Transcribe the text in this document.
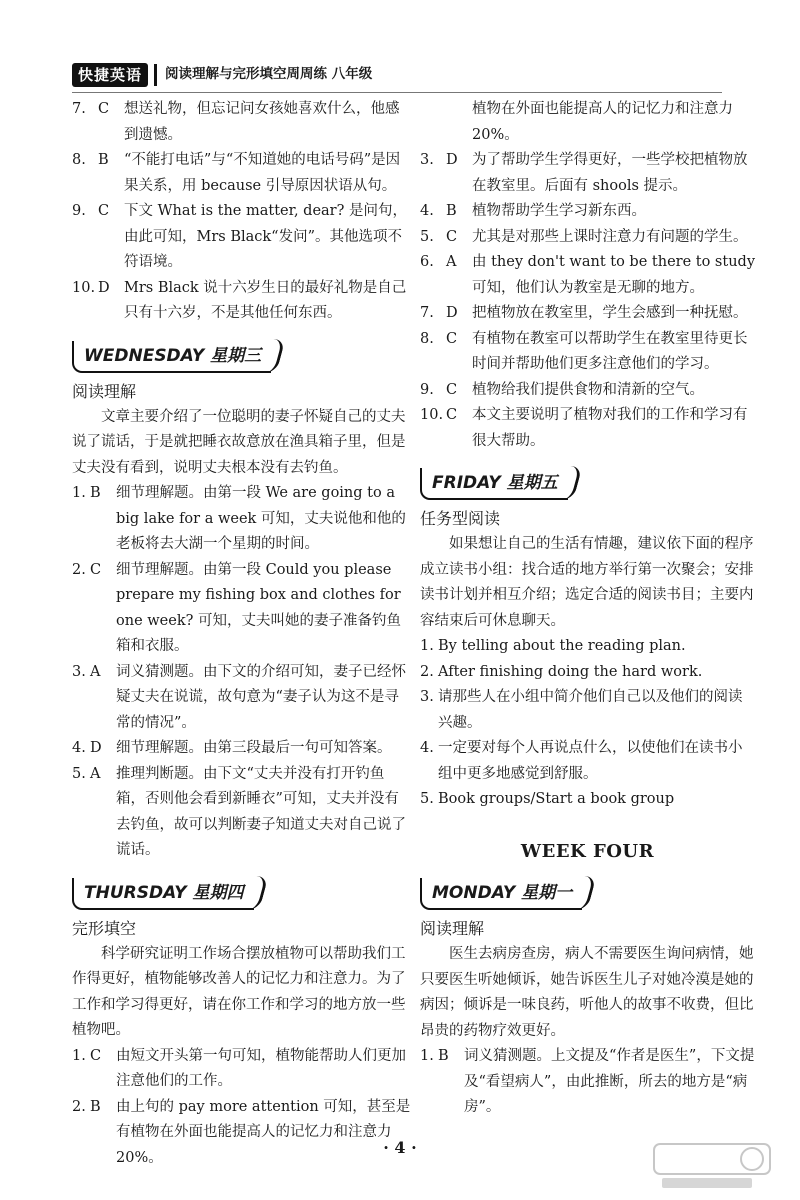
快捷英语	阅读理解与完形填空周周练 八年级
7. C	想送礼物，但忘记问女孩她喜欢什么，他感到遗憾。
8. B	“不能打电话”与“不知道她的电话号码”是因果关系，用 because 引导原因状语从句。
9. C	下文 What is the matter, dear? 是问句，由此可知，Mrs Black“发问”。其他选项不符语境。
10. D Mrs Black 说十六岁生日的最好礼物是自己只有十六岁，不是其他任何东西。
WEDNESDAY 星期三
阅读理解

文章主要介绍了一位聪明的妻子怀疑自己的丈夫说了谎话，于是就把睡衣故意放在渔具箱子里，但是丈夫没有看到，说明丈夫根本没有去钓鱼。

1. B	细节理解题。由第一段 We are going to a big lake for a week 可知，丈夫说他和他的老板将去大湖一个星期的时间。
2. C	细节理解题。由第一段 Could you please prepare my fishing box and clothes for one week? 可知，丈夫叫她的妻子准备钓鱼箱和衣服。
3. A	词义猜测题。由下文的介绍可知，妻子已经怀疑丈夫在说谎，故句意为“妻子认为这不是寻常的情况”。
4. D 细节理解题。由第三段最后一句可知答案。
5. A	推理判断题。由下文“丈夫并没有打开钓鱼箱，否则他会看到新睡衣”可知，丈夫并没有去钓鱼，故可以判断妻子知道丈夫对自己说了谎话。
THURSDAY 星期四
完形填空

科学研究证明工作场合摆放植物可以帮助我们工作得更好，植物能够改善人的记忆力和注意力。为了工作和学习得更好，请在你工作和学习的地方放一些植物吧。

1. C	由短文开头第一句可知，植物能帮助人们更加注意他们的工作。
2. B	由上句的 pay more attention 可知，甚至是有植物在外面也能提高人的记忆力和注意力 20%。
植物在外面也能提高人的记忆力和注意力 20%。
3. D 为了帮助学生学得更好，一些学校把植物放在教室里。后面有 shools 提示。
4. B	植物帮助学生学习新东西。
5. C	尤其是对那些上课时注意力有问题的学生。
6. A	由 they don't want to be there to study 可知，他们认为教室是无聊的地方。
7. D 把植物放在教室里，学生会感到一种抚慰。
8. C	有植物在教室可以帮助学生在教室里待更长时间并帮助他们更多注意他们的学习。
9. C	植物给我们提供食物和清新的空气。
10. C	本文主要说明了植物对我们的工作和学习有很大帮助。
FRIDAY 星期五
任务型阅读

如果想让自己的生活有情趣，建议依下面的程序成立读书小组：找合适的地方举行第一次聚会；安排读书计划并相互介绍；选定合适的阅读书目；主要内容结束后可休息聊天。

1. By telling about the reading plan.
2. After finishing doing the hard work.
3. 请那些人在小组中简介他们自己以及他们的阅读兴趣。
4. 一定要对每个人再说点什么，以使他们在读书小组中更多地感觉到舒服。
5. Book groups/Start a book group
WEEK FOUR
MONDAY 星期一
阅读理解

医生去病房查房，病人不需要医生询问病情，她只要医生听她倾诉，她告诉医生儿子对她冷漠是她的病因；倾诉是一味良药，听他人的故事不收费，但比昂贵的药物疗效更好。

1. B	词义猜测题。上文提及“作者是医生”，下文提及“看望病人”，由此推断，所去的地方是“病房”。
· 4 ·
